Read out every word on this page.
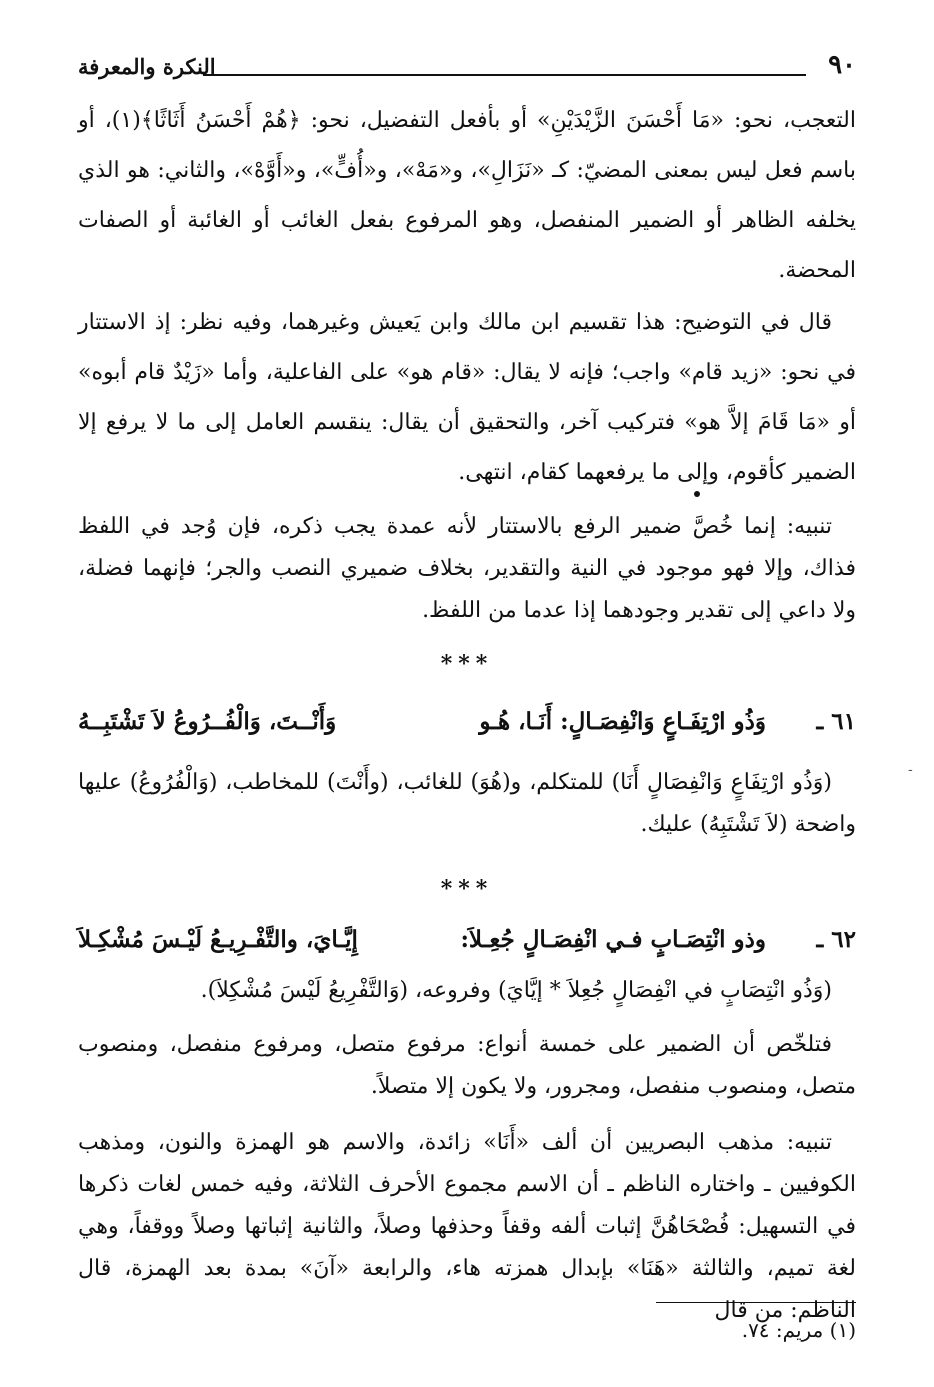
٩٠
النكرة والمعرفة

التعجب، نحو: «مَا أَحْسَنَ الزَّيْدَيْنِ» أو بأفعل التفضيل، نحو: ﴿هُمْ أَحْسَنُ أَثَاثًا﴾(١)، أو باسم فعل ليس بمعنى المضيّ: كـ «نَزَالِ»، و«مَهْ»، و«أُفٍّ»، و«أَوَّهْ»، والثاني: هو الذي يخلفه الظاهر أو الضمير المنفصل، وهو المرفوع بفعل الغائب أو الغائبة أو الصفات المحضة.

قال في التوضيح: هذا تقسيم ابن مالك وابن يَعيش وغيرهما، وفيه نظر: إذ الاستتار في نحو: «زيد قام» واجب؛ فإنه لا يقال: «قام هو» على الفاعلية، وأما «زَيْدٌ قام أبوه» أو «مَا قَامَ إلاَّ هو» فتركيب آخر، والتحقيق أن يقال: ينقسم العامل إلى ما لا يرفع إلا الضمير كأقوم، وإلى ما يرفعهما كقام، انتهى.

تنبيه: إنما خُصَّ ضمير الرفع بالاستتار لأنه عمدة يجب ذكره، فإن وُجد في اللفظ فذاك، وإلا فهو موجود في النية والتقدير، بخلاف ضميري النصب والجر؛ فإنهما فضلة، ولا داعي إلى تقدير وجودهما إذا عدما من اللفظ.

***
٦١ ـ
وَذُو ارْتِفَـاعٍ وَانْفِصَـالٍ: أَنَـا، هُـو
وَأَنْــتَ، وَالْفُــرُوعُ لاَ تَشْتَبِــهُ

(وَذُو ارْتِفَاعٍ وَانْفِصَالٍ أَنَا) للمتكلم، و(هُوَ) للغائب، (وأَنْتَ) للمخاطب، (وَالْفُرُوعُ) عليها واضحة (لاَ تَشْتَبِهُ) عليك.

-
***
٦٢ ـ
وذو انْتِصَـابٍ فـي انْفِصَـالٍ جُعِـلاَ:
إِيَّـايَ، والتَّفْـرِيـعُ لَيْـسَ مُشْكِـلاَ

(وَذُو انْتِصَابٍ في انْفِصَالٍ جُعِلاَ * إيَّايَ) وفروعه، (وَالتَّفْرِيعُ لَيْسَ مُشْكِلاَ).

فتلخّص أن الضمير على خمسة أنواع: مرفوع متصل، ومرفوع منفصل، ومنصوب متصل، ومنصوب منفصل، ومجرور، ولا يكون إلا متصلاً.

تنبيه: مذهب البصريين أن ألف «أَنَا» زائدة، والاسم هو الهمزة والنون، ومذهب الكوفيين ـ واختاره الناظم ـ أن الاسم مجموع الأحرف الثلاثة، وفيه خمس لغات ذكرها في التسهيل: فُصْحَاهُنَّ إثبات ألفه وقفاً وحذفها وصلاً، والثانية إثباتها وصلاً ووقفاً، وهي لغة تميم، والثالثة «هَنَا» بإبدال همزته هاء، والرابعة «آنَ» بمدة بعد الهمزة، قال الناظم: من قال

(١) مريم: ٧٤.
